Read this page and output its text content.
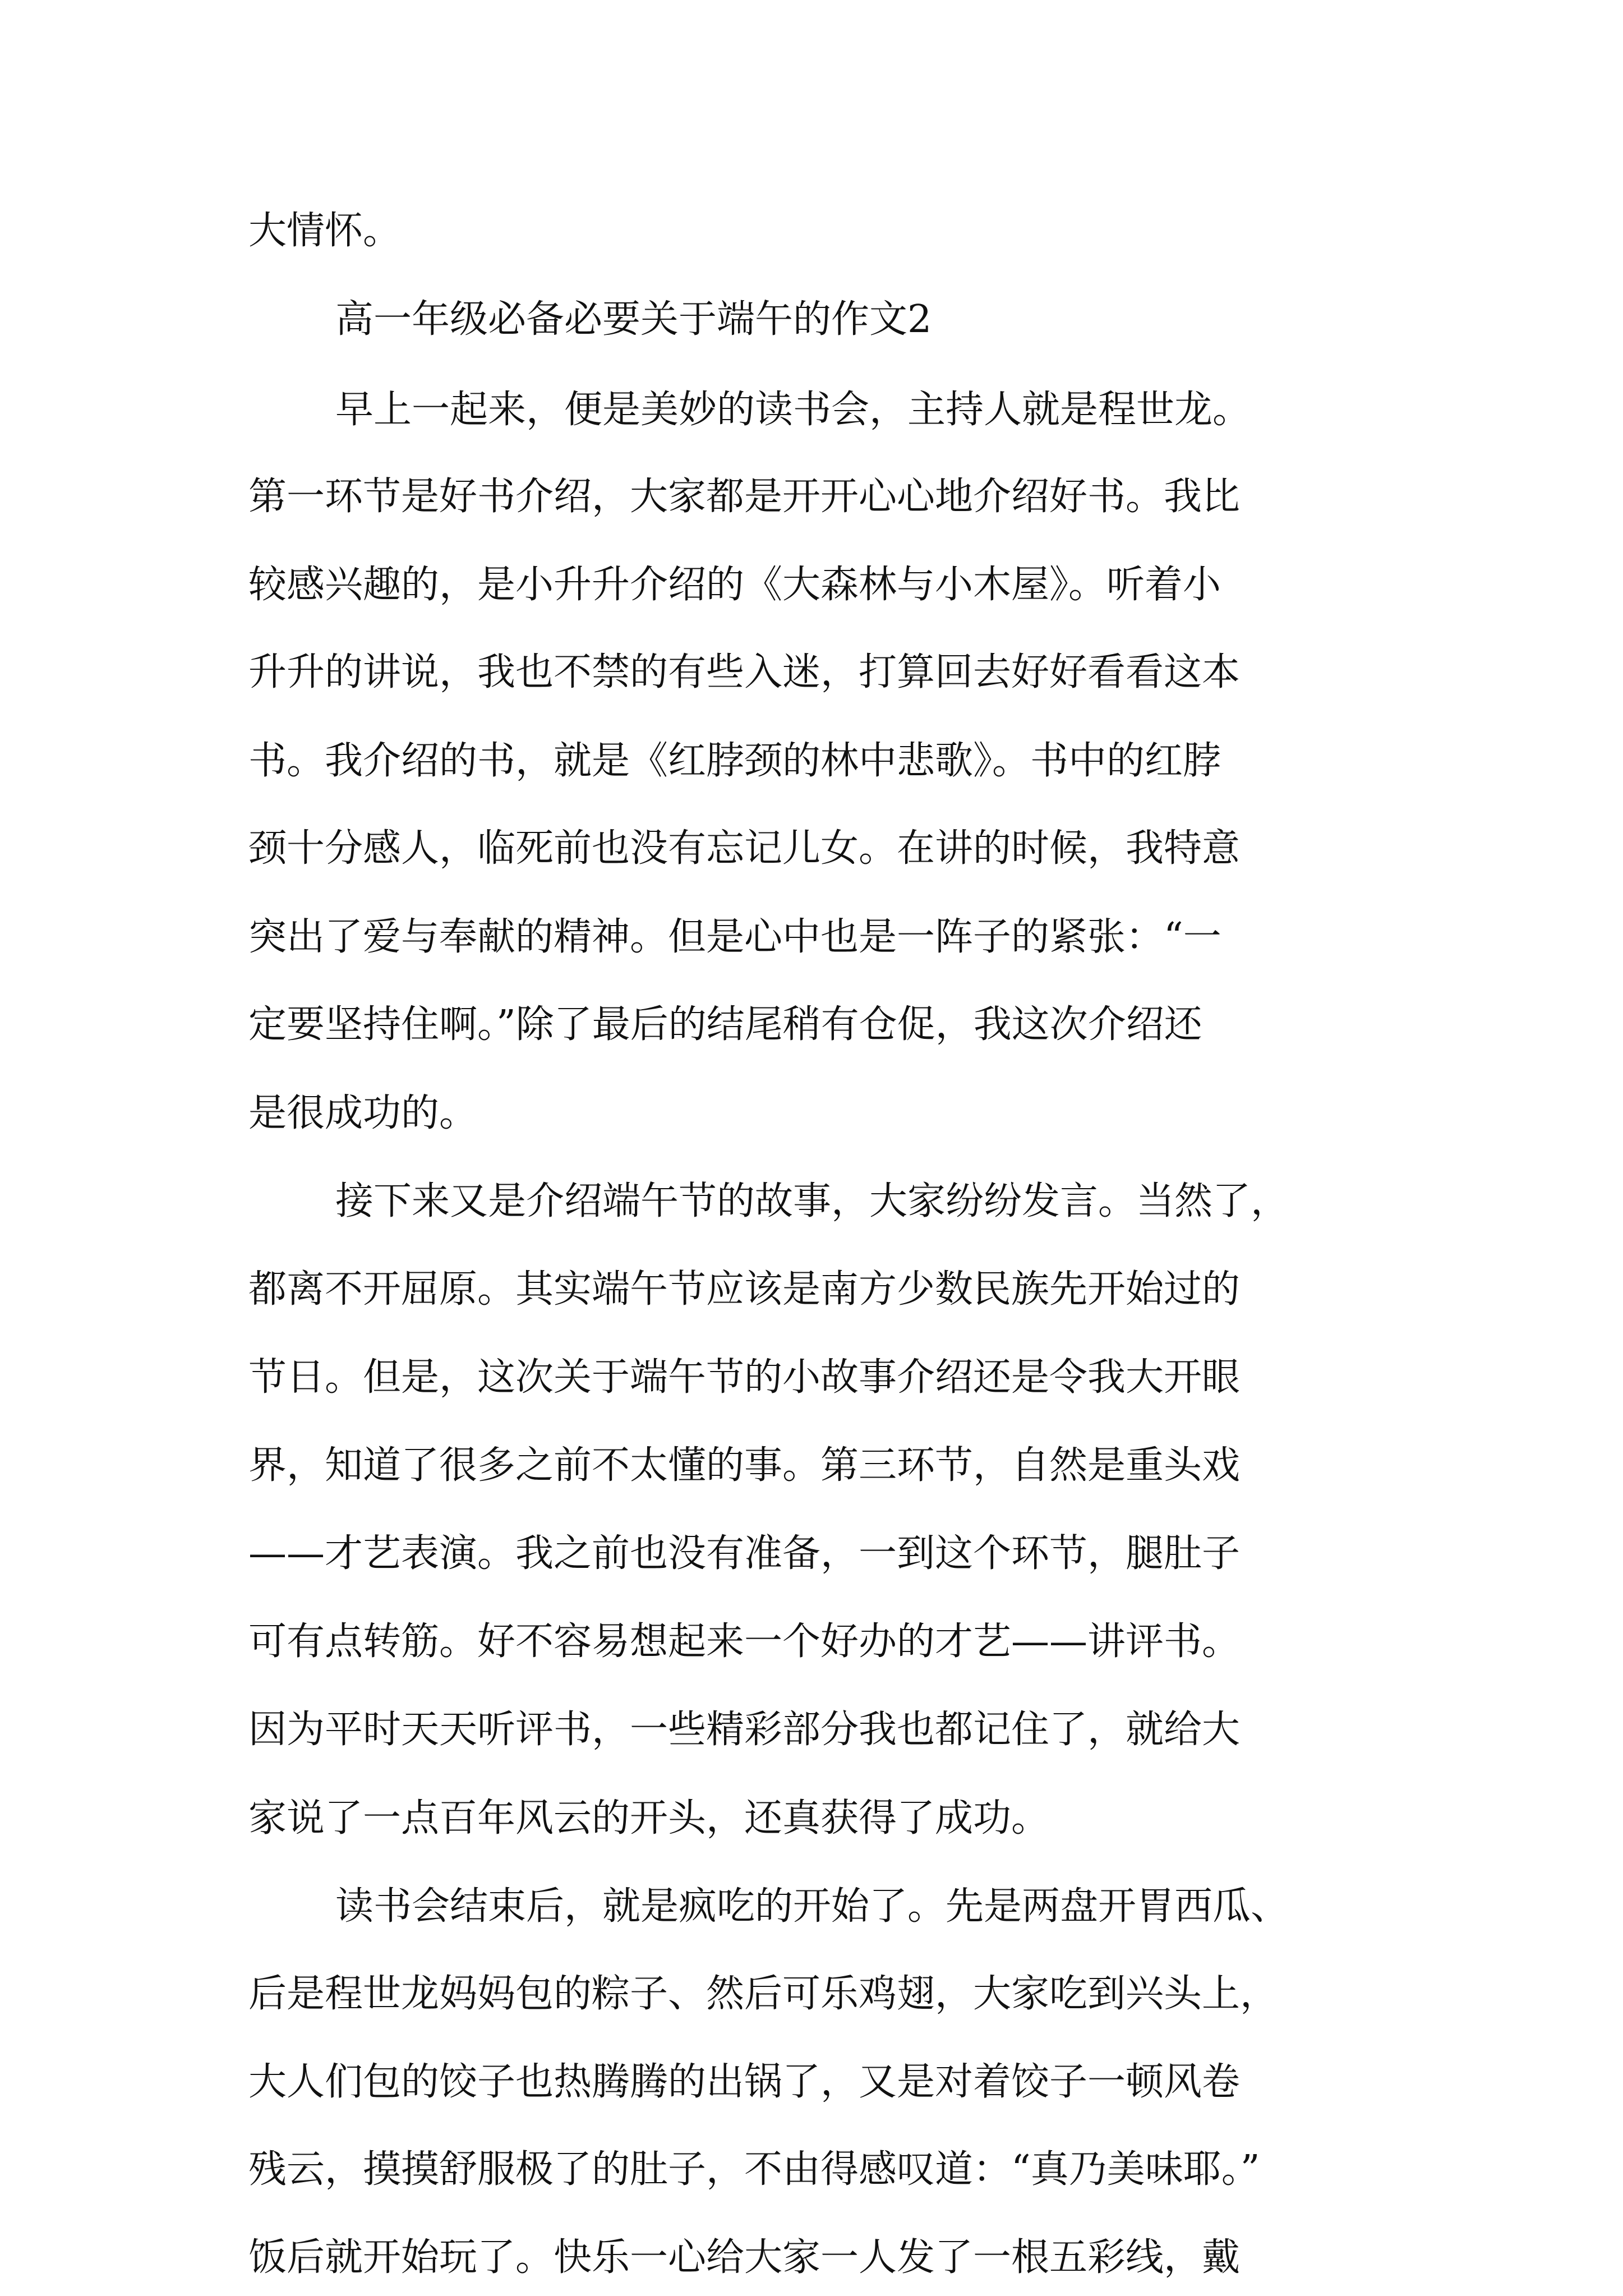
大情怀。
高一年级必备必要关于端午的作文2
早上一起来，便是美妙的读书会，主持人就是程世龙。
第一环节是好书介绍，大家都是开开心心地介绍好书。我比
较感兴趣的，是小升升介绍的《大森林与小木屋》。听着小
升升的讲说，我也不禁的有些入迷，打算回去好好看看这本
书。我介绍的书，就是《红脖颈的林中悲歌》。书中的红脖
颈十分感人，临死前也没有忘记儿女。在讲的时候，我特意
突出了爱与奉献的精神。但是心中也是一阵子的紧张：“一
定要坚持住啊。”除了最后的结尾稍有仓促，我这次介绍还
是很成功的。
接下来又是介绍端午节的故事，大家纷纷发言。当然了，
都离不开屈原。其实端午节应该是南方少数民族先开始过的
节日。但是，这次关于端午节的小故事介绍还是令我大开眼
界，知道了很多之前不太懂的事。第三环节，自然是重头戏
——才艺表演。我之前也没有准备，一到这个环节，腿肚子
可有点转筋。好不容易想起来一个好办的才艺——讲评书。
因为平时天天听评书，一些精彩部分我也都记住了，就给大
家说了一点百年风云的开头，还真获得了成功。
读书会结束后，就是疯吃的开始了。先是两盘开胃西瓜、
后是程世龙妈妈包的粽子、然后可乐鸡翅，大家吃到兴头上，
大人们包的饺子也热腾腾的出锅了，又是对着饺子一顿风卷
残云，摸摸舒服极了的肚子，不由得感叹道：“真乃美味耶。”
饭后就开始玩了。快乐一心给大家一人发了一根五彩线，戴
